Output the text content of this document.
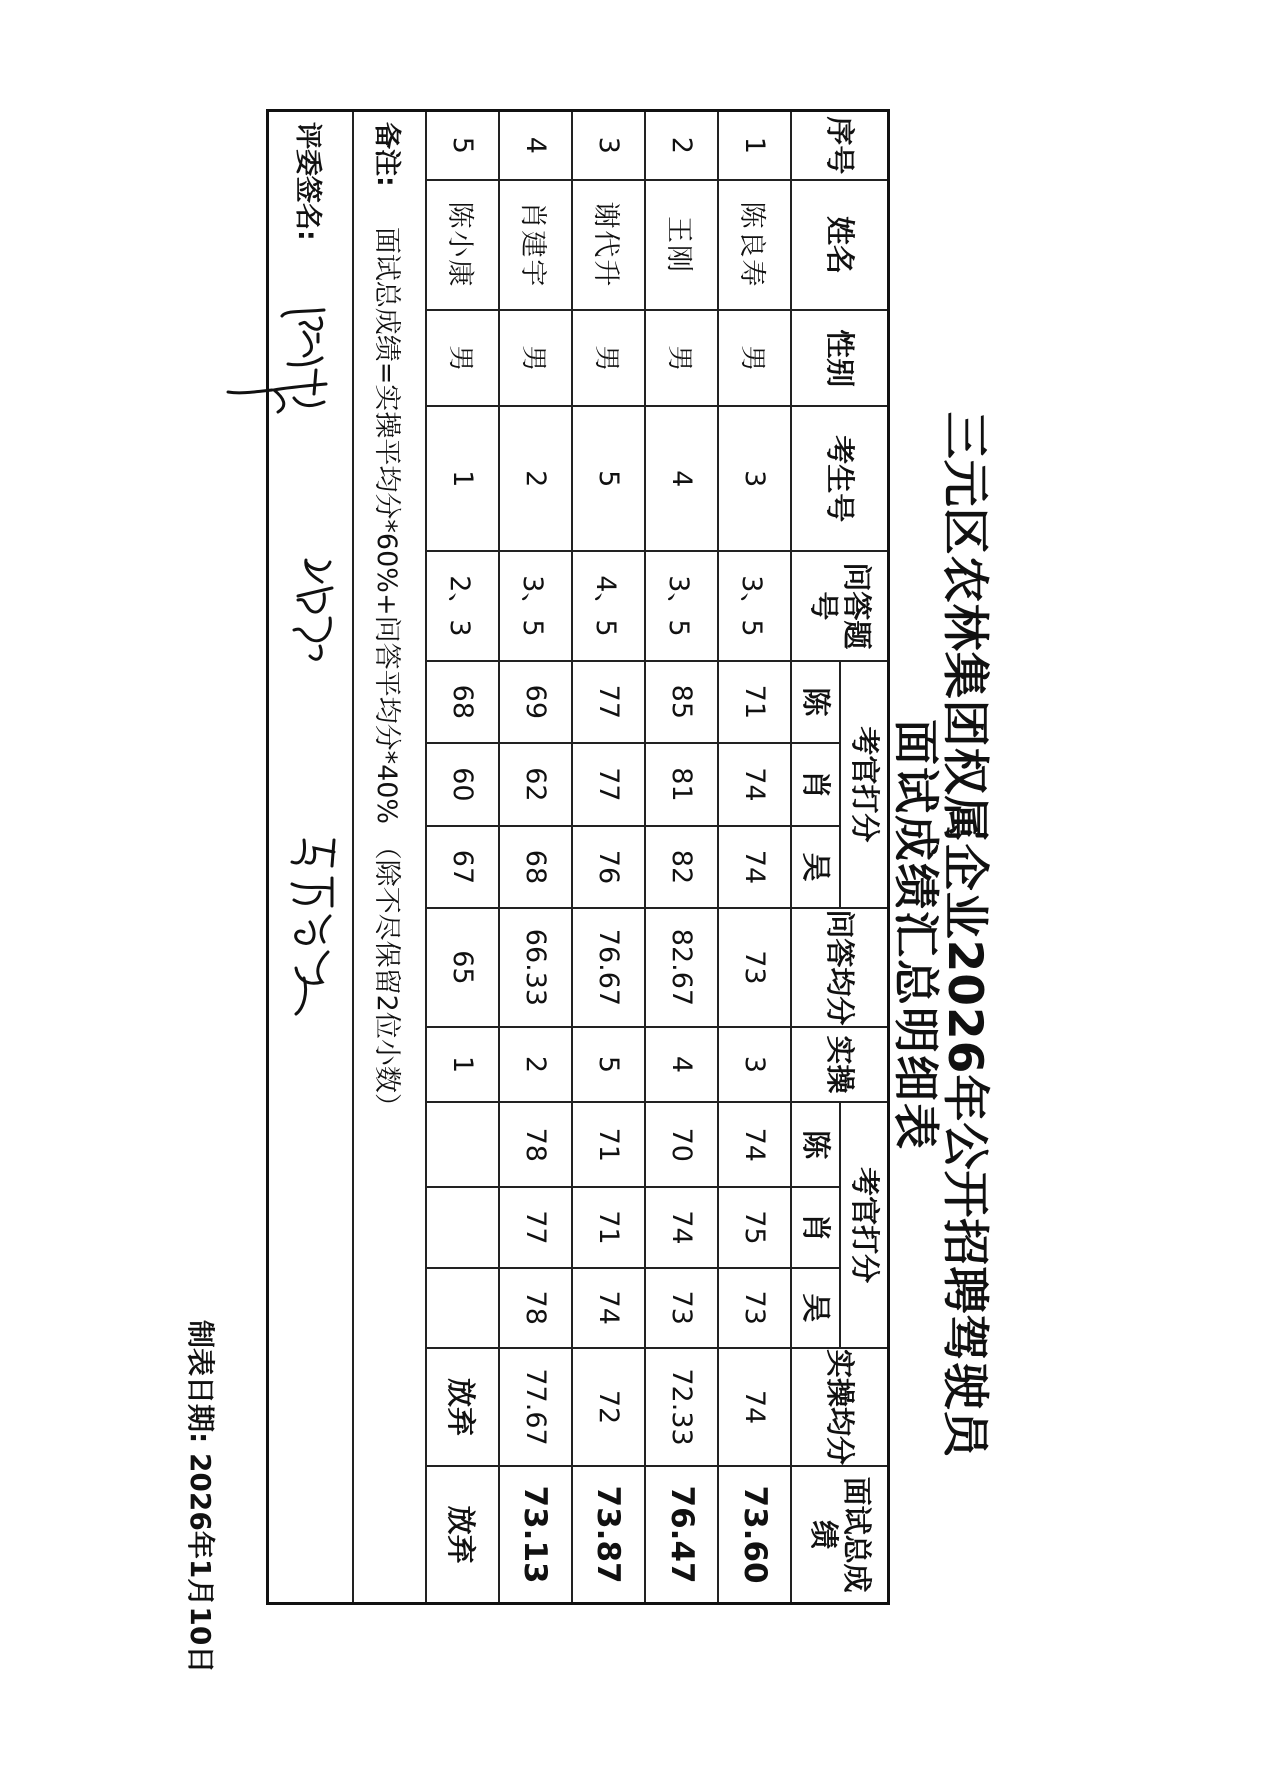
三元区农林集团权属企业2026年公开招聘驾驶员
面试成绩汇总明细表
序号	姓名	性别	考生号	问答题号	考官打分			问答均分	实操	考官打分			实操均分	面试总成绩
					陈	肖	吴			陈	肖	吴		
1	陈良寿	男	3	3、5	71	74	74	73	3	74	75	73	74	73.60
2	王刚	男	4	3、5	85	81	82	82.67	4	70	74	73	72.33	76.47
3	谢代升	男	5	4、5	77	77	76	76.67	5	71	71	74	72	73.87
4	肖建宇	男	2	3、5	69	62	68	66.33	2	78	77	78	77.67	73.13
5	陈小康	男	1	2、3	68	60	67	65	1				放弃	放弃
备注:面试总成绩=实操平均分*60%+问答平均分*40% （除不尽保留2位小数）														
评委签名:														
制表日期: 2026年1月10日
